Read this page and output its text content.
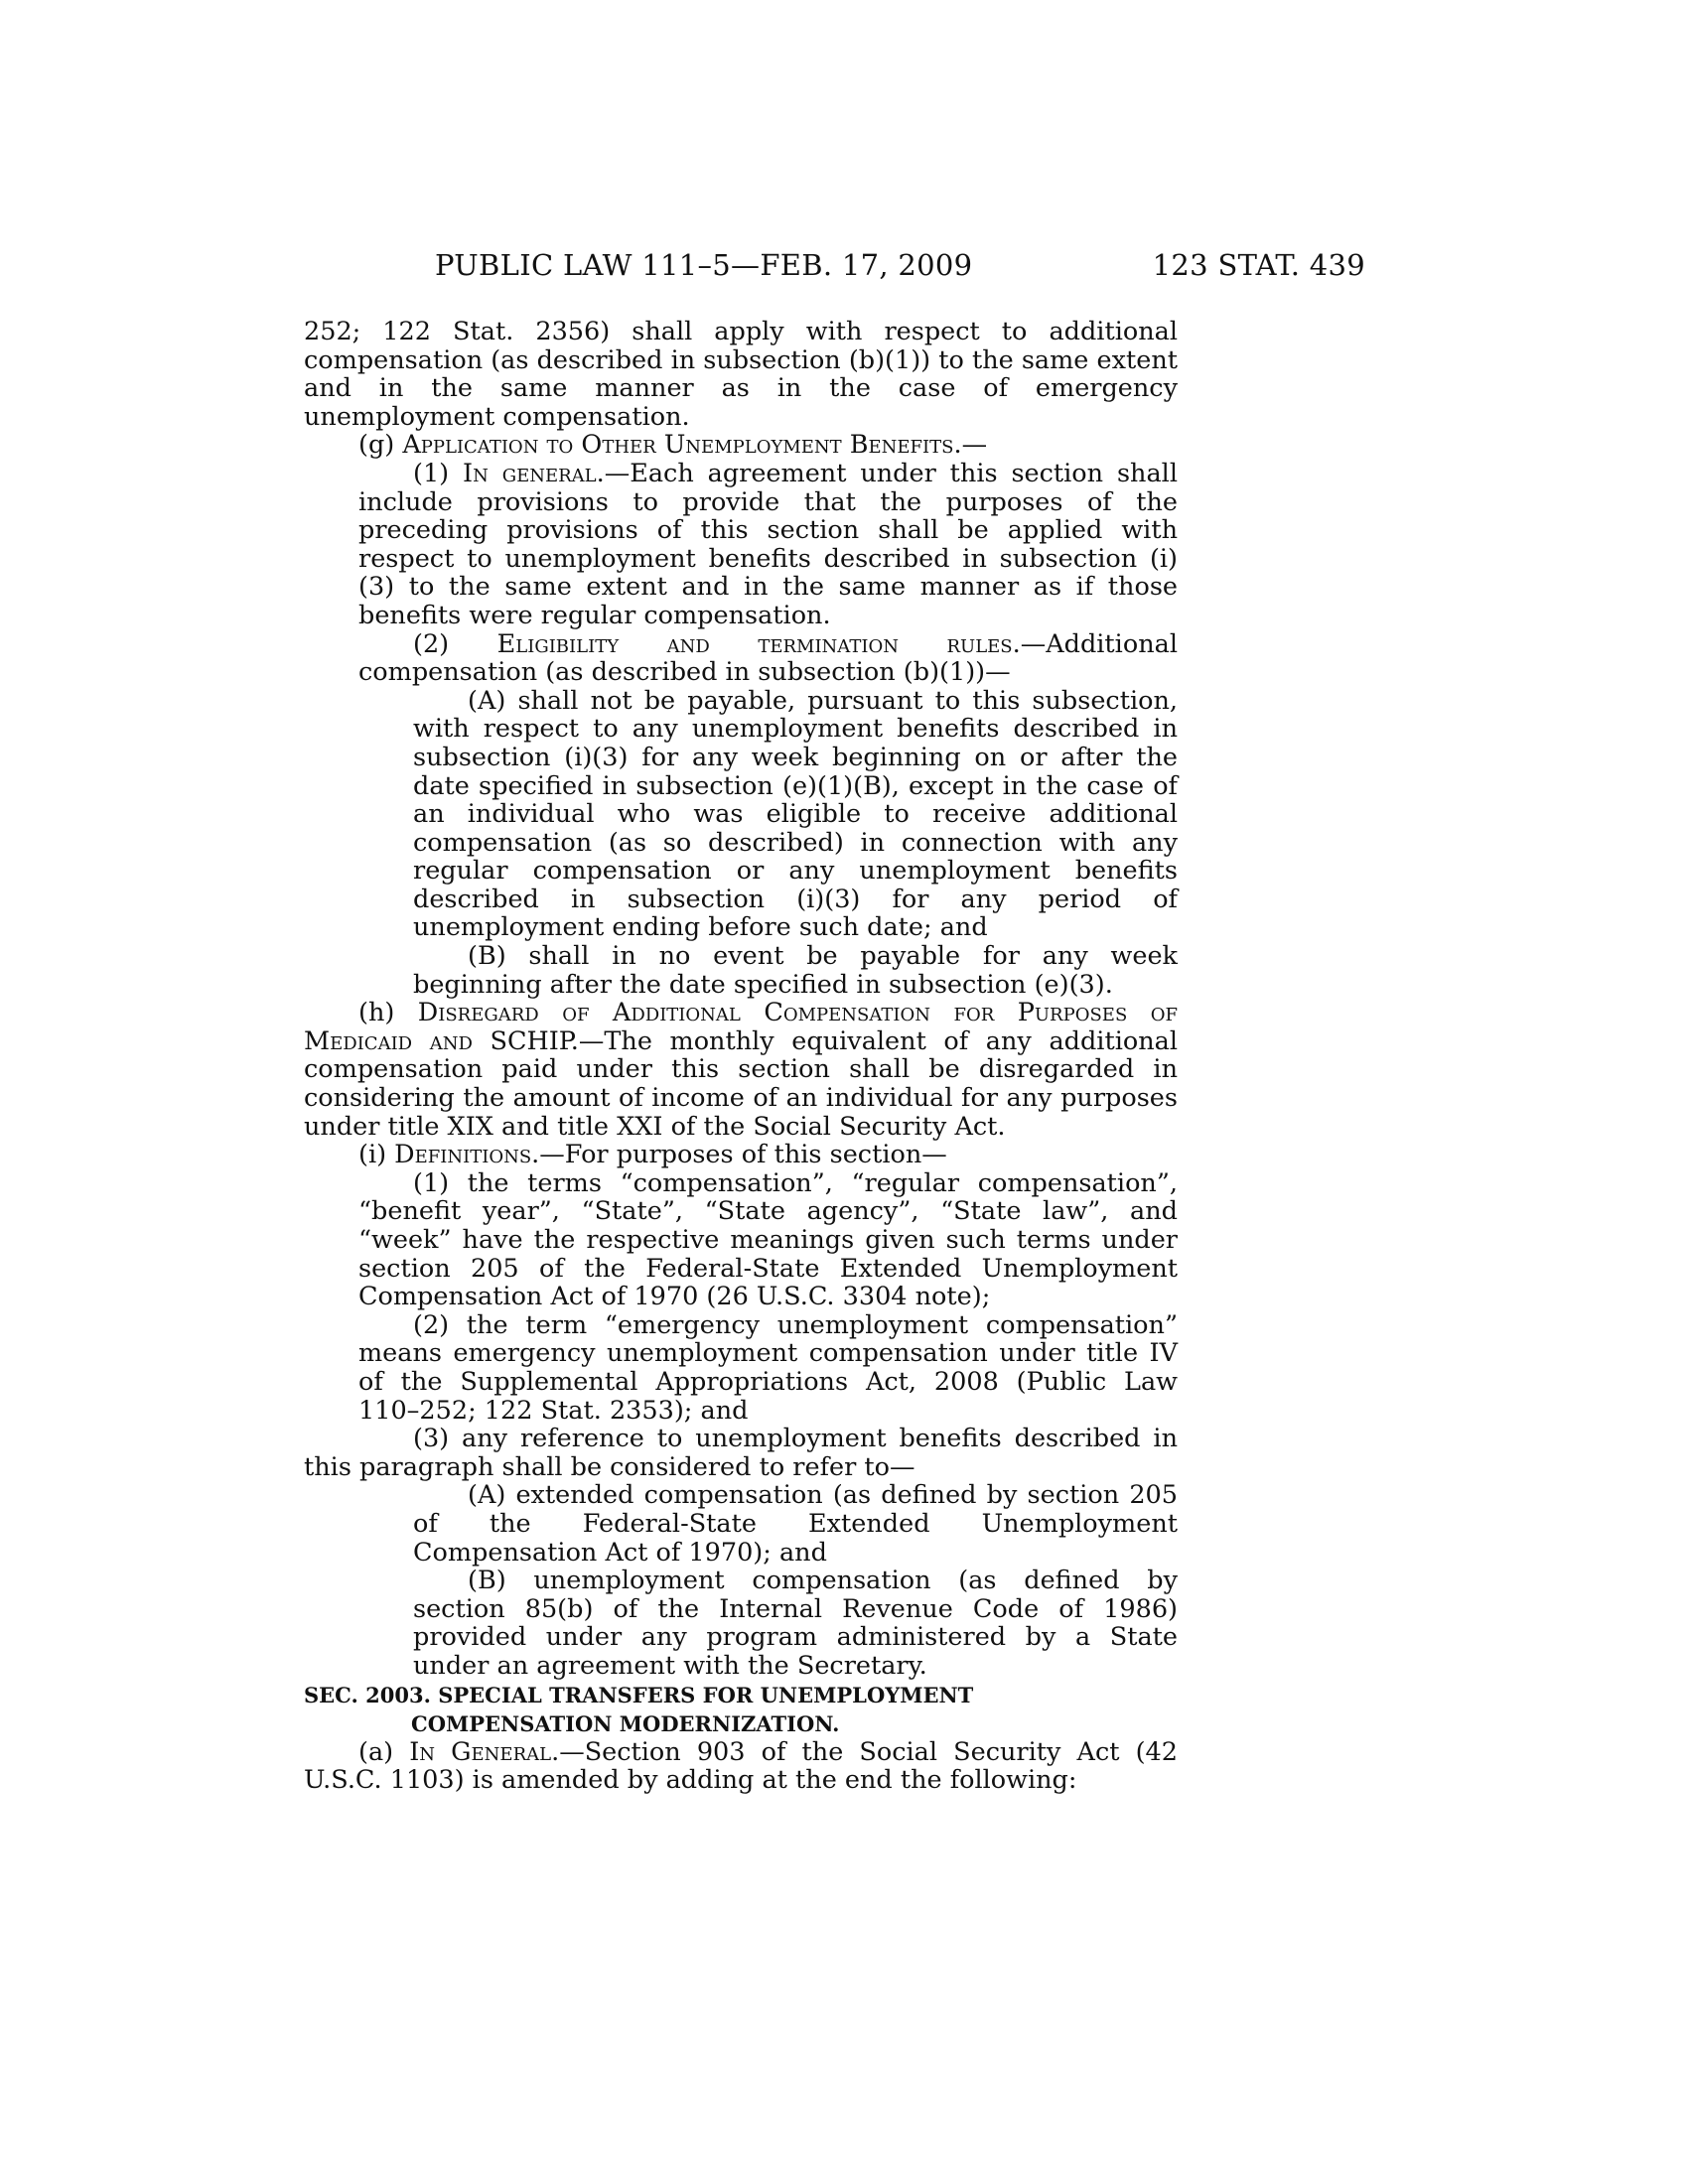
PUBLIC LAW 111–5—FEB. 17, 2009	123 STAT. 439

252; 122 Stat. 2356) shall apply with respect to additional compensation (as described in subsection (b)(1)) to the same extent and in the same manner as in the case of emergency unemployment compensation.

(g) Application to Other Unemployment Benefits.—

(1) In general.—Each agreement under this section shall include provisions to provide that the purposes of the preceding provisions of this section shall be applied with respect to unemployment benefits described in subsection (i)(3) to the same extent and in the same manner as if those benefits were regular compensation.

(2) Eligibility and termination rules.—Additional compensation (as described in subsection (b)(1))—

(A) shall not be payable, pursuant to this subsection, with respect to any unemployment benefits described in subsection (i)(3) for any week beginning on or after the date specified in subsection (e)(1)(B), except in the case of an individual who was eligible to receive additional compensation (as so described) in connection with any regular compensation or any unemployment benefits described in subsection (i)(3) for any period of unemployment ending before such date; and

(B) shall in no event be payable for any week beginning after the date specified in subsection (e)(3).

(h) Disregard of Additional Compensation for Purposes of Medicaid and SCHIP.—The monthly equivalent of any additional compensation paid under this section shall be disregarded in considering the amount of income of an individual for any purposes under title XIX and title XXI of the Social Security Act.

(i) Definitions.—For purposes of this section—

(1) the terms “compensation”, “regular compensation”, “benefit year”, “State”, “State agency”, “State law”, and “week” have the respective meanings given such terms under section 205 of the Federal-State Extended Unemployment Compensation Act of 1970 (26 U.S.C. 3304 note);

(2) the term “emergency unemployment compensation” means emergency unemployment compensation under title IV of the Supplemental Appropriations Act, 2008 (Public Law 110–252; 122 Stat. 2353); and

(3) any reference to unemployment benefits described in this paragraph shall be considered to refer to—

(A) extended compensation (as defined by section 205 of the Federal-State Extended Unemployment Compensation Act of 1970); and

(B) unemployment compensation (as defined by section 85(b) of the Internal Revenue Code of 1986) provided under any program administered by a State under an agreement with the Secretary.

SEC. 2003. SPECIAL TRANSFERS FOR UNEMPLOYMENT COMPENSATION MODERNIZATION.

(a) In General.—Section 903 of the Social Security Act (42 U.S.C. 1103) is amended by adding at the end the following:
